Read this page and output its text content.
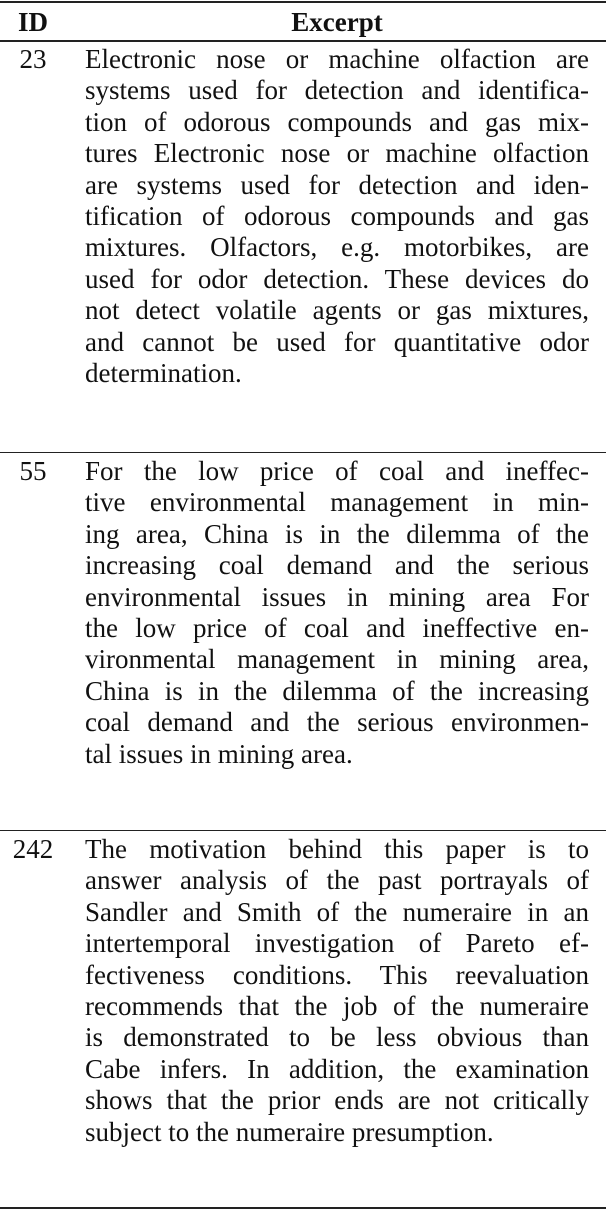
ID	Excerpt
23	Electronic nose or machine olfaction are
systems used for detection and identifica-
tion of odorous compounds and gas mix-
tures Electronic nose or machine olfaction
are systems used for detection and iden-
tification of odorous compounds and gas
mixtures. Olfactors, e.g. motorbikes, are
used for odor detection. These devices do
not detect volatile agents or gas mixtures,
and cannot be used for quantitative odor
determination.
55	For the low price of coal and ineffec-
tive environmental management in min-
ing area, China is in the dilemma of the
increasing coal demand and the serious
environmental issues in mining area For
the low price of coal and ineffective en-
vironmental management in mining area,
China is in the dilemma of the increasing
coal demand and the serious environmen-
tal issues in mining area.
242	The motivation behind this paper is to
answer analysis of the past portrayals of
Sandler and Smith of the numeraire in an
intertemporal investigation of Pareto ef-
fectiveness conditions. This reevaluation
recommends that the job of the numeraire
is demonstrated to be less obvious than
Cabe infers. In addition, the examination
shows that the prior ends are not critically
subject to the numeraire presumption.
